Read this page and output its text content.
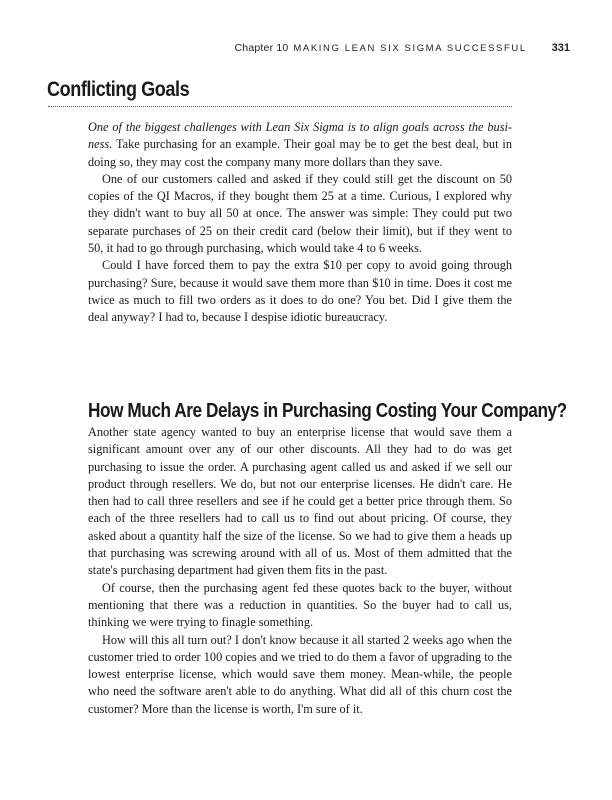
Chapter 10 MAKING LEAN SIX SIGMA SUCCESSFUL 331
Conflicting Goals

One of the biggest challenges with Lean Six Sigma is to align goals across the busi-ness. Take purchasing for an example. Their goal may be to get the best deal, but in doing so, they may cost the company many more dollars than they save.

One of our customers called and asked if they could still get the discount on 50 copies of the QI Macros, if they bought them 25 at a time. Curious, I explored why they didn't want to buy all 50 at once. The answer was simple: They could put two separate purchases of 25 on their credit card (below their limit), but if they went to 50, it had to go through purchasing, which would take 4 to 6 weeks.

Could I have forced them to pay the extra $10 per copy to avoid going through purchasing? Sure, because it would save them more than $10 in time. Does it cost me twice as much to fill two orders as it does to do one? You bet. Did I give them the deal anyway? I had to, because I despise idiotic bureaucracy.

How Much Are Delays in Purchasing Costing Your Company?

Another state agency wanted to buy an enterprise license that would save them a significant amount over any of our other discounts. All they had to do was get purchasing to issue the order. A purchasing agent called us and asked if we sell our product through resellers. We do, but not our enterprise licenses. He didn't care. He then had to call three resellers and see if he could get a better price through them. So each of the three resellers had to call us to find out about pricing. Of course, they asked about a quantity half the size of the license. So we had to give them a heads up that purchasing was screwing around with all of us. Most of them admitted that the state's purchasing department had given them fits in the past.

Of course, then the purchasing agent fed these quotes back to the buyer, without mentioning that there was a reduction in quantities. So the buyer had to call us, thinking we were trying to finagle something.

How will this all turn out? I don't know because it all started 2 weeks ago when the customer tried to order 100 copies and we tried to do them a favor of upgrading to the lowest enterprise license, which would save them money. Mean-while, the people who need the software aren't able to do anything. What did all of this churn cost the customer? More than the license is worth, I'm sure of it.
